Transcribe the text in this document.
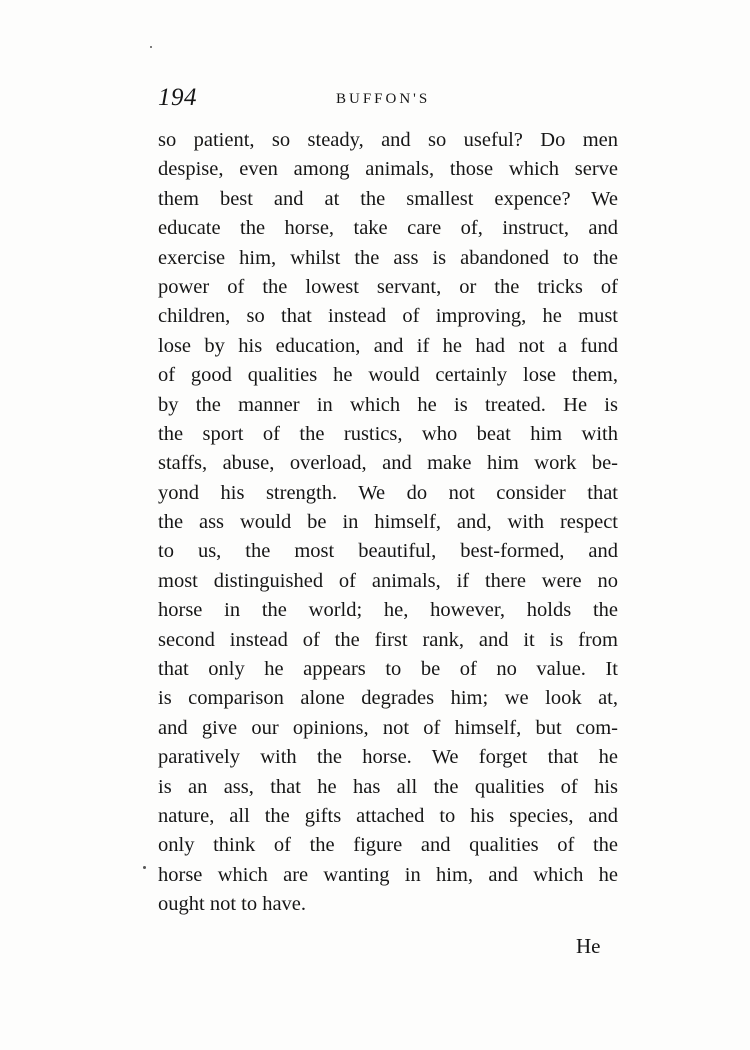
194	BUFFON'S
so patient, so steady, and so useful? Do men
despise, even among animals, those which serve
them best and at the smallest expence? We
educate the horse, take care of, instruct, and
exercise him, whilst the ass is abandoned to the
power of the lowest servant, or the tricks of
children, so that instead of improving, he must
lose by his education, and if he had not a fund
of good qualities he would certainly lose them,
by the manner in which he is treated. He is
the sport of the rustics, who beat him with
staffs, abuse, overload, and make him work be-
yond his strength. We do not consider that
the ass would be in himself, and, with respect
to us, the most beautiful, best-formed, and
most distinguished of animals, if there were no
horse in the world; he, however, holds the
second instead of the first rank, and it is from
that only he appears to be of no value. It
is comparison alone degrades him; we look at,
and give our opinions, not of himself, but com-
paratively with the horse. We forget that he
is an ass, that he has all the qualities of his
nature, all the gifts attached to his species, and
only think of the figure and qualities of the
horse which are wanting in him, and which he
ought not to have.
He
